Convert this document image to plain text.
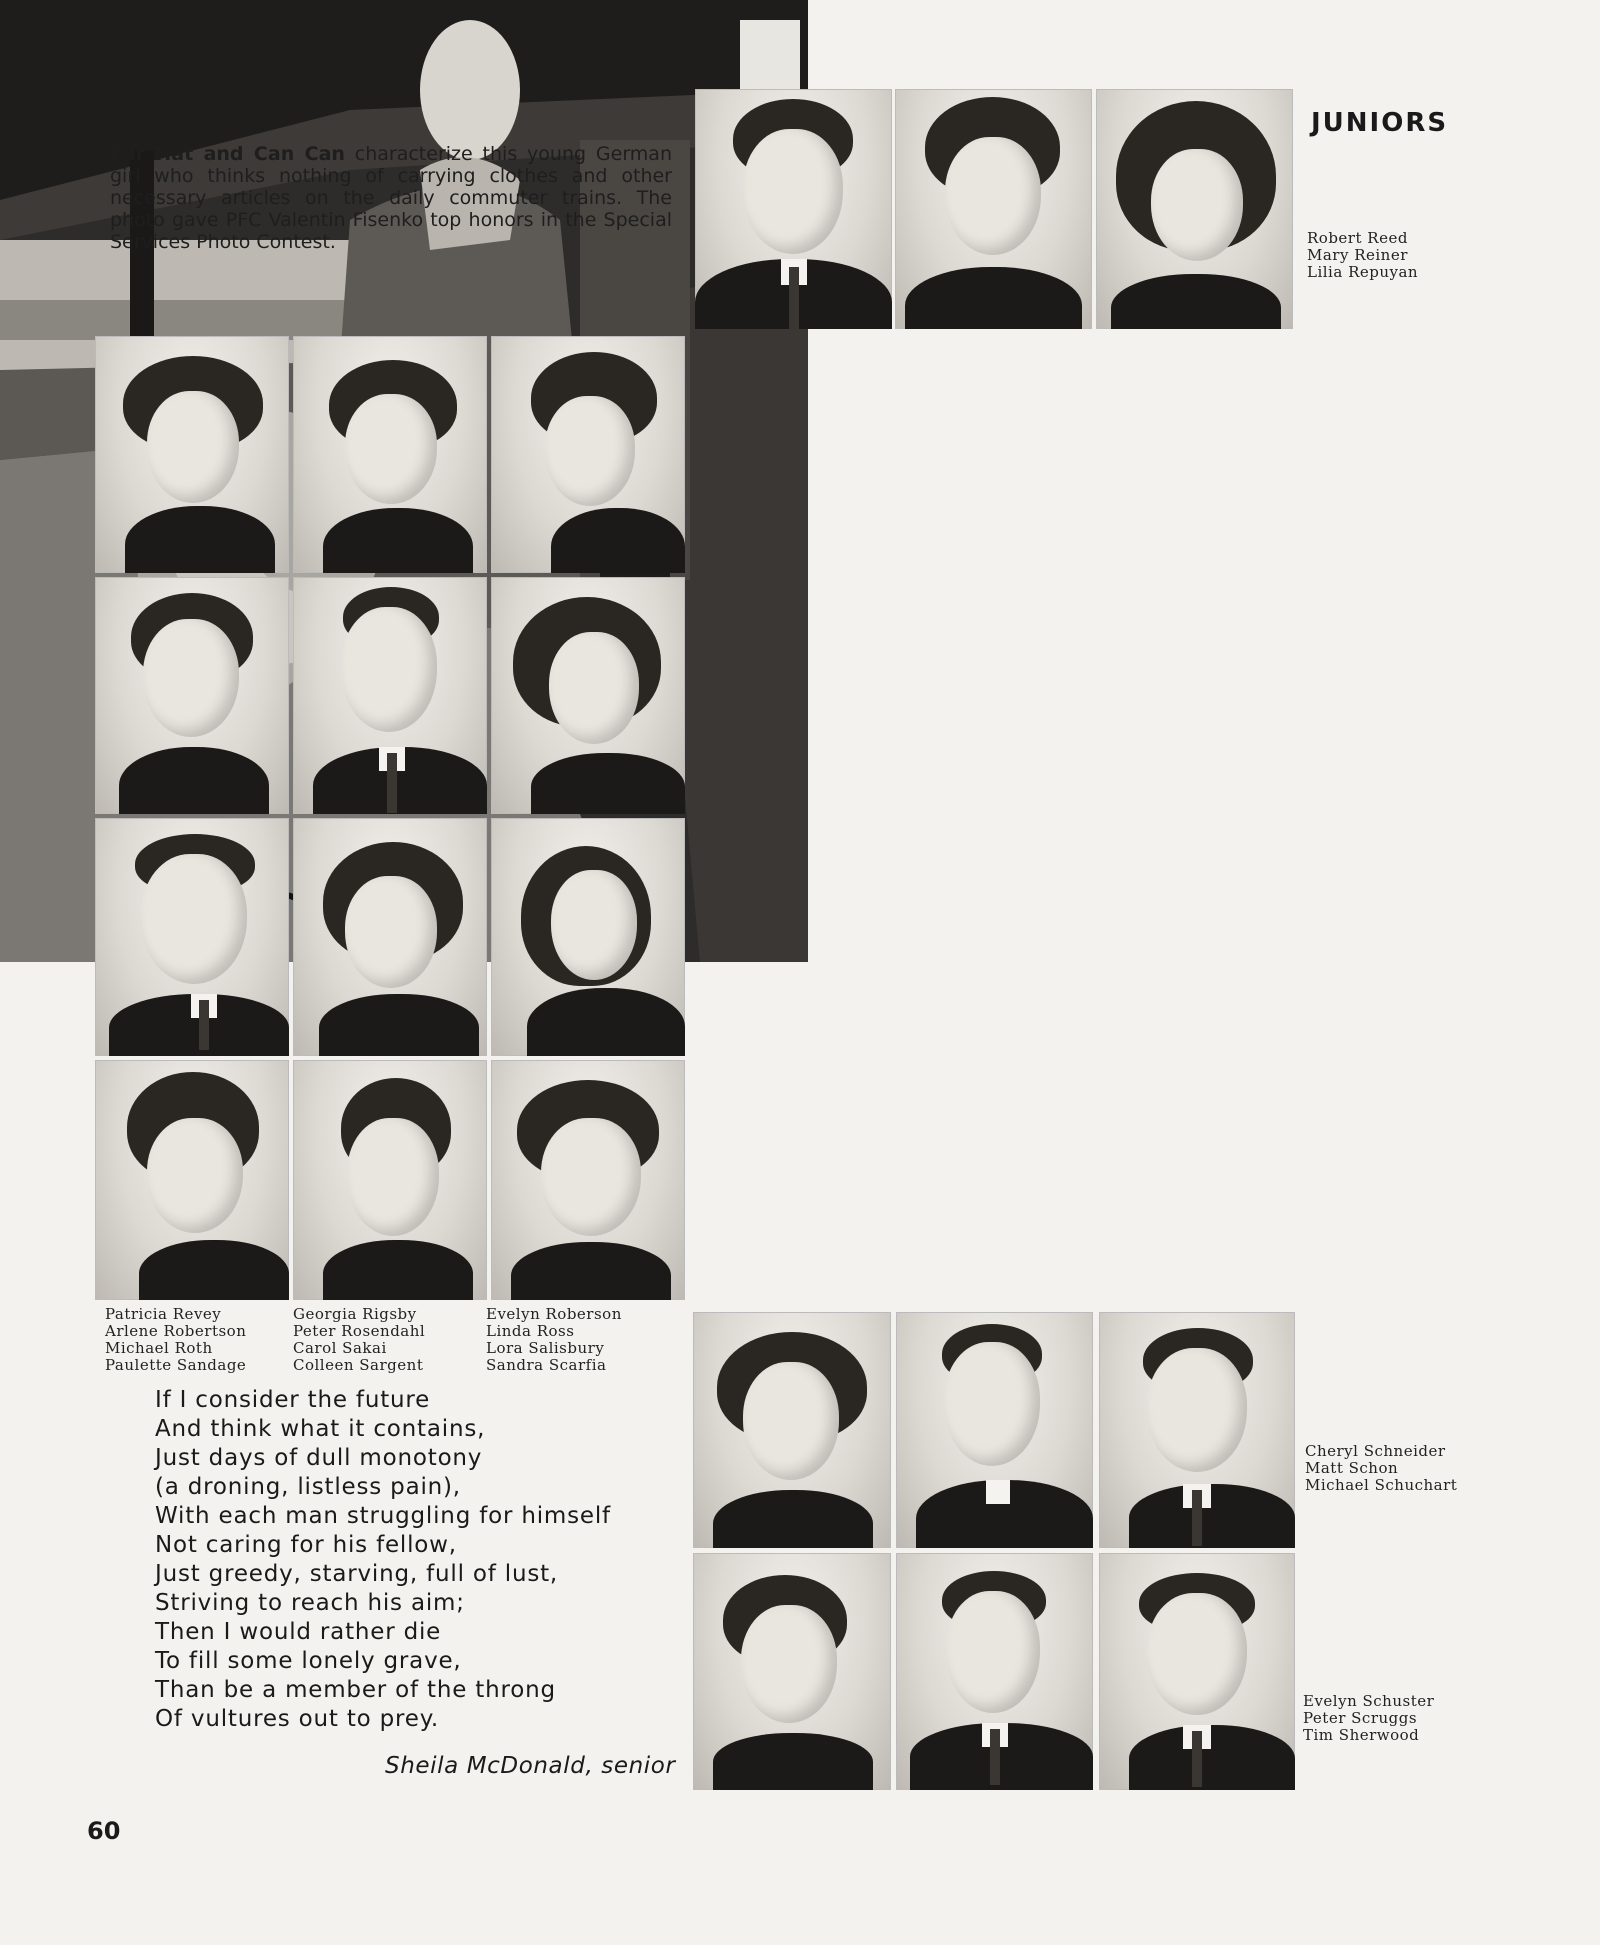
Fur Hat and Can Can characterize this young German girl who thinks nothing of carrying clothes and other necessary articles on the daily commuter trains. The photo gave PFC Valentin Fisenko top honors in the Special Services Photo Contest.
JUNIORS
Robert Reed
Mary Reiner
Lilia Repuyan
Patricia Revey
Arlene Robertson
Michael Roth
Paulette Sandage
Georgia Rigsby
Peter Rosendahl
Carol Sakai
Colleen Sargent
Evelyn Roberson
Linda Ross
Lora Salisbury
Sandra Scarfia
Cheryl Schneider
Matt Schon
Michael Schuchart
Evelyn Schuster
Peter Scruggs
Tim Sherwood
If I consider the future
And think what it contains,
Just days of dull monotony
(a droning, listless pain),
With each man struggling for himself
Not caring for his fellow,
Just greedy, starving, full of lust,
Striving to reach his aim;
Then I would rather die
To fill some lonely grave,
Than be a member of the throng
Of vultures out to prey.
Sheila McDonald, senior
60
